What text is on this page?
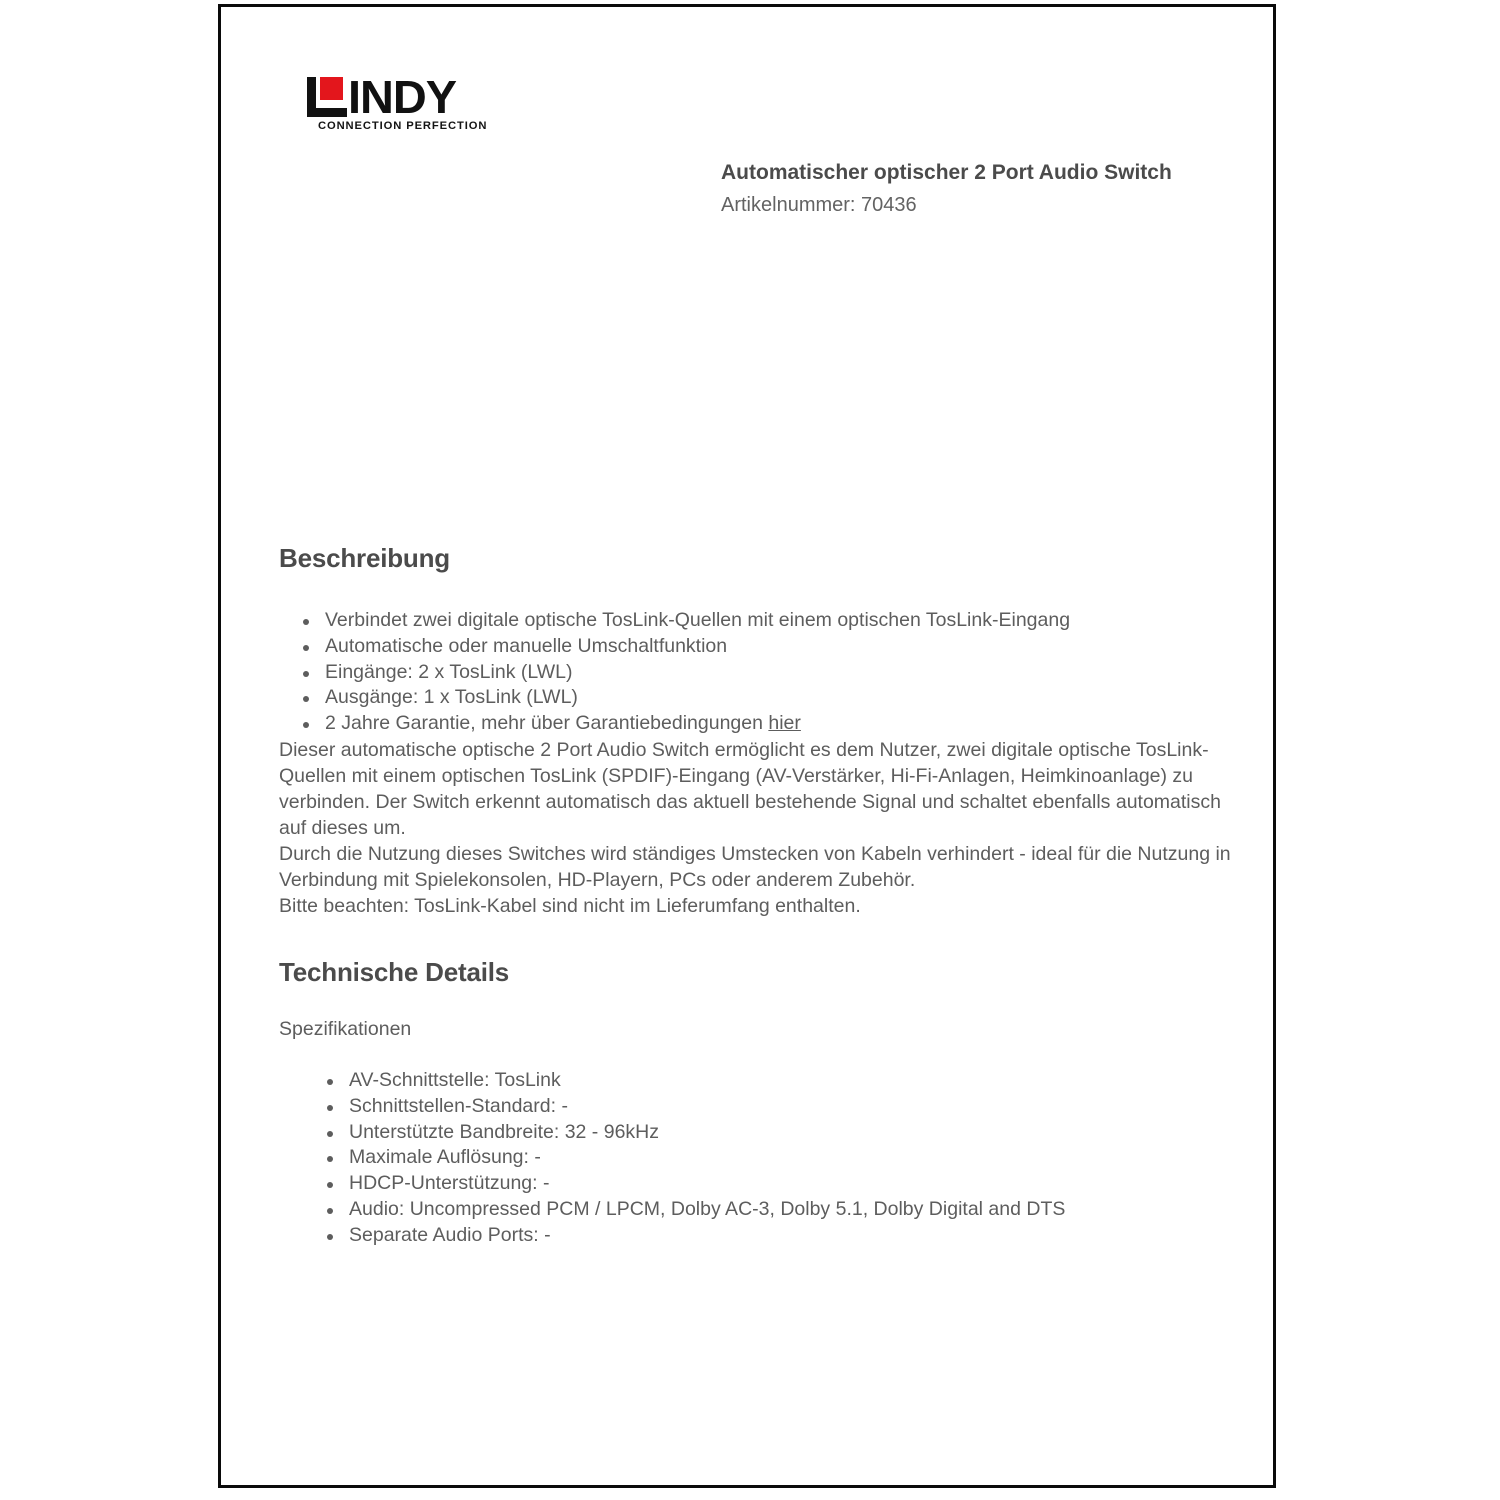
INDY
CONNECTION PERFECTION
Automatischer optischer 2 Port Audio Switch
Artikelnummer: 70436
Beschreibung
Verbindet zwei digitale optische TosLink-Quellen mit einem optischen TosLink-Eingang
Automatische oder manuelle Umschaltfunktion
Eingänge: 2 x TosLink (LWL)
Ausgänge: 1 x TosLink (LWL)
2 Jahre Garantie, mehr über Garantiebedingungen hier

Dieser automatische optische 2 Port Audio Switch ermöglicht es dem Nutzer, zwei digitale optische TosLink-Quellen mit einem optischen TosLink (SPDIF)-Eingang (AV-Verstärker, Hi-Fi-Anlagen, Heimkinoanlage) zu verbinden. Der Switch erkennt automatisch das aktuell bestehende Signal und schaltet ebenfalls automatisch auf dieses um.

Durch die Nutzung dieses Switches wird ständiges Umstecken von Kabeln verhindert - ideal für die Nutzung in Verbindung mit Spielekonsolen, HD-Playern, PCs oder anderem Zubehör.

Bitte beachten: TosLink-Kabel sind nicht im Lieferumfang enthalten.

Technische Details

Spezifikationen

AV-Schnittstelle: TosLink
Schnittstellen-Standard: -
Unterstützte Bandbreite: 32 - 96kHz
Maximale Auflösung: -
HDCP-Unterstützung: -
Audio: Uncompressed PCM / LPCM, Dolby AC-3, Dolby 5.1, Dolby Digital and DTS
Separate Audio Ports: -
